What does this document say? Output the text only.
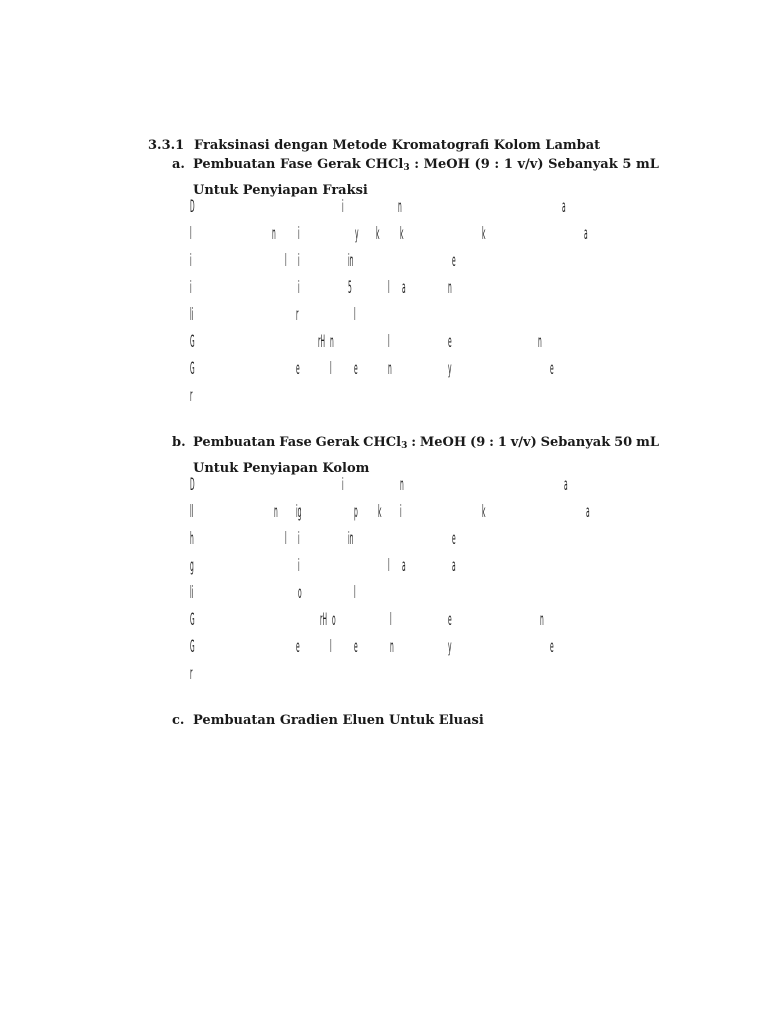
3.3.1 Fraksinasi dengan Metode Kromatografi Kolom Lambat
a. Pembuatan Fase Gerak CHCl$_3$ : MeOH (9 : 1 v/v) Sebanyak 5 mL
Untuk Penyiapan Fraksi
D	i	n	a
l	n i	y k k	k	a
i	l i	in	e
i	i	5 l a n
li	r	l
G	rH n	l	e	n
G	e l e n	y	e
r
b. Pembuatan Fase Gerak CHCl$_3$ : MeOH (9 : 1 v/v) Sebanyak 50 mL
Untuk Penyiapan Kolom
D	i	n	a
ll	n ig	p k i	k	a
h	l i	in	e
g	i	l a	a
li	o	l
G	rH o	l	e	n
G	e l e n	y	e
r
c. Pembuatan Gradien Eluen Untuk Eluasi
